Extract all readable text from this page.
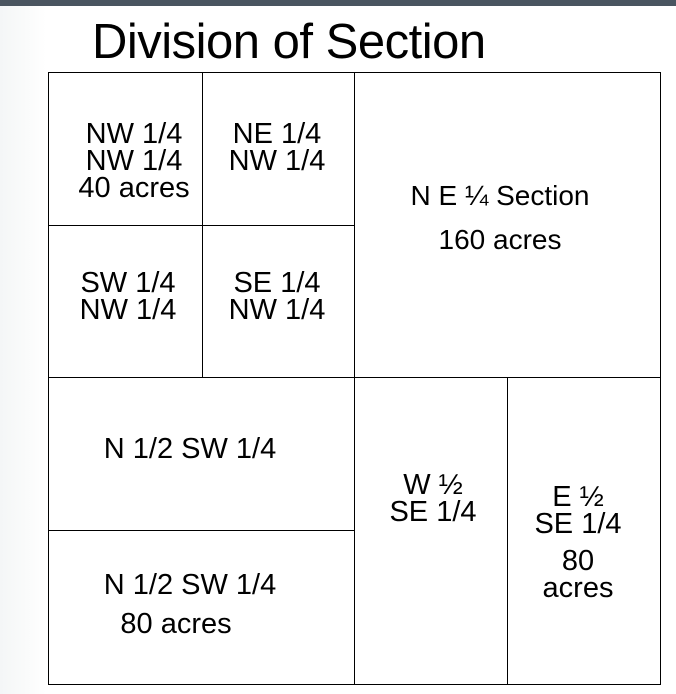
Division of Section
NW 1/4
NW 1/4
40 acres
NE 1/4
NW 1/4
SW 1/4
NW 1/4
SE 1/4
NW 1/4
N E ¼ Section
160 acres
N 1/2 SW 1/4
N 1/2 SW 1/4
80 acres
W ½
SE 1/4	E ½
SE 1/4
80
acres
